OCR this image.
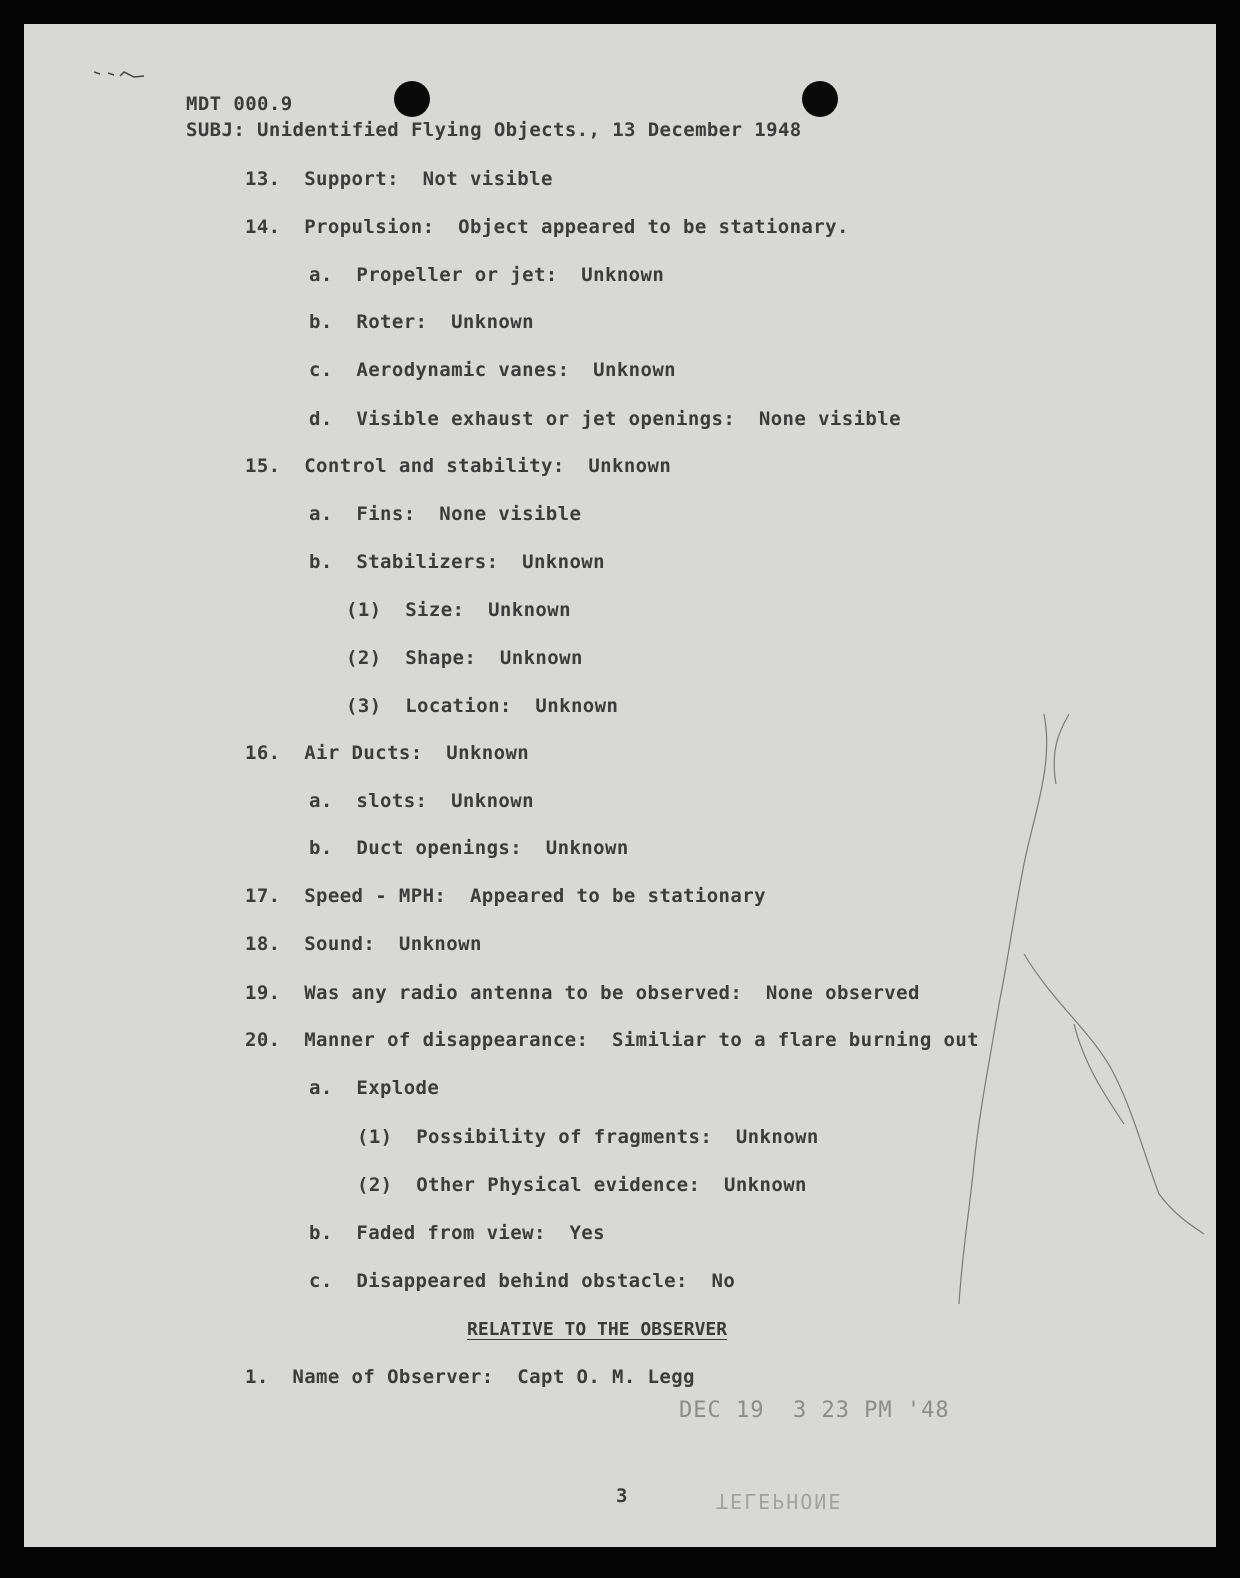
MDT 000.9
SUBJ: Unidentified Flying Objects., 13 December 1948
13.  Support:  Not visible
14.  Propulsion:  Object appeared to be stationary.
a.  Propeller or jet:  Unknown
b.  Roter:  Unknown
c.  Aerodynamic vanes:  Unknown
d.  Visible exhaust or jet openings:  None visible
15.  Control and stability:  Unknown
a.  Fins:  None visible
b.  Stabilizers:  Unknown
(1)  Size:  Unknown
(2)  Shape:  Unknown
(3)  Location:  Unknown
16.  Air Ducts:  Unknown
a.  slots:  Unknown
b.  Duct openings:  Unknown
17.  Speed - MPH:  Appeared to be stationary
18.  Sound:  Unknown
19.  Was any radio antenna to be observed:  None observed
20.  Manner of disappearance:  Similiar to a flare burning out
a.  Explode
(1)  Possibility of fragments:  Unknown
(2)  Other Physical evidence:  Unknown
b.  Faded from view:  Yes
c.  Disappeared behind obstacle:  No
RELATIVE TO THE OBSERVER
1.  Name of Observer:  Capt O. M. Legg
DEC 19  3 23 PM '48
3	TELEPHONE
